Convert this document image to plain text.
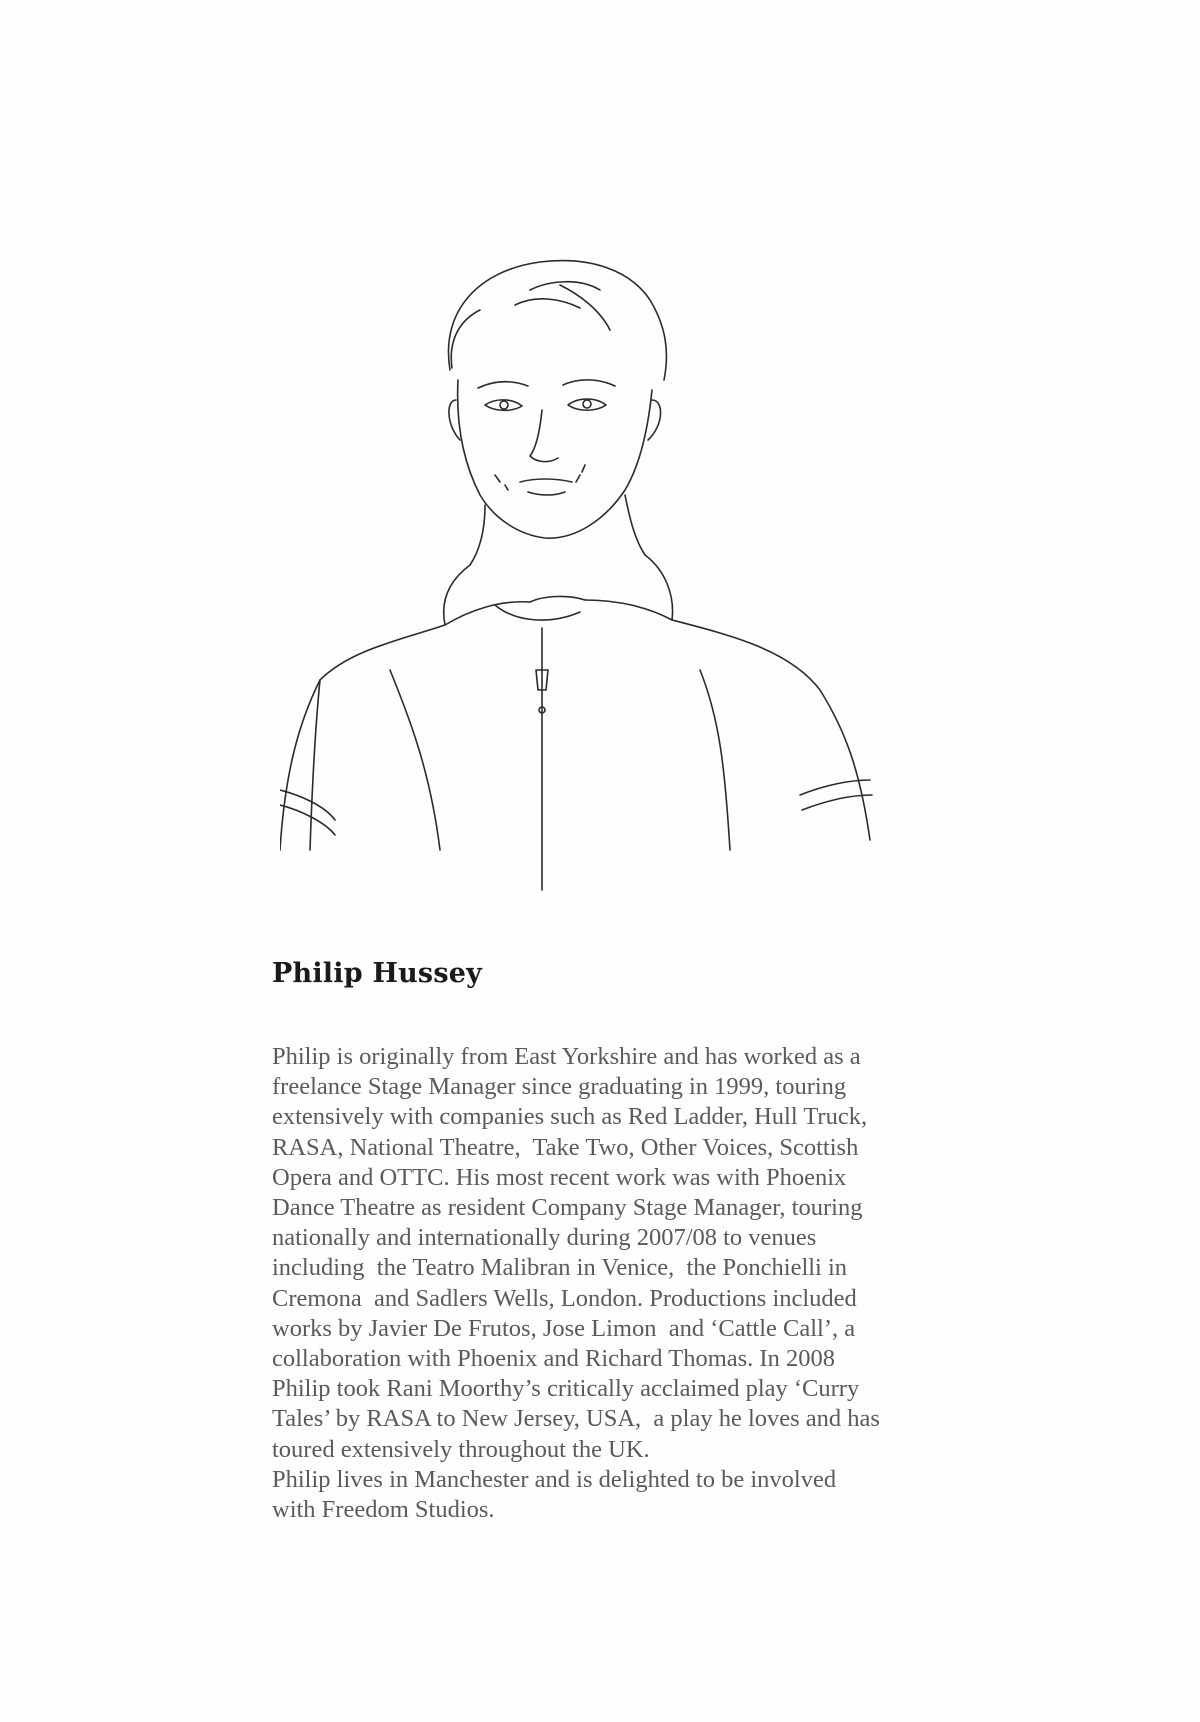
Philip Hussey

Philip is originally from East Yorkshire and has worked as a
freelance Stage Manager since graduating in 1999, touring
extensively with companies such as Red Ladder, Hull Truck,
RASA, National Theatre,  Take Two, Other Voices, Scottish
Opera and OTTC. His most recent work was with Phoenix
Dance Theatre as resident Company Stage Manager, touring
nationally and internationally during 2007/08 to venues
including  the Teatro Malibran in Venice,  the Ponchielli in
Cremona  and Sadlers Wells, London. Productions included
works by Javier De Frutos, Jose Limon  and ‘Cattle Call’, a
collaboration with Phoenix and Richard Thomas. In 2008
Philip took Rani Moorthy’s critically acclaimed play ‘Curry
Tales’ by RASA to New Jersey, USA,  a play he loves and has
toured extensively throughout the UK.
Philip lives in Manchester and is delighted to be involved
with Freedom Studios.
